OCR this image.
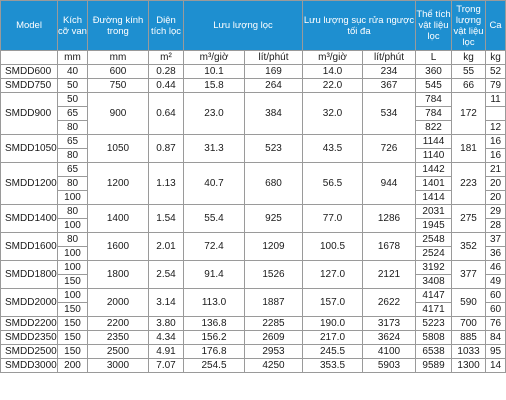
Model	Kích cỡ van	Đường kính trong	Diện tích lọc	Lưu lượng lọc		Lưu lượng sục rửa ngược tối đa		Thể tích vật liệu lọc	Trọng lượng vật liệu lọc	Ca
	mm	mm	m²	m³/giờ	lít/phút	m³/giờ	lít/phút	L	kg	kg
SMDD600	40	600	0.28	10.1	169	14.0	234	360	55	52
SMDD750	50	750	0.44	15.8	264	22.0	367	545	66	79
SMDD900	50	900	0.64	23.0	384	32.0	534	784	172	11
	65							784		
	80							822		12
SMDD1050	65	1050	0.87	31.3	523	43.5	726	1144	181	16
	80							1140		16
SMDD1200	65	1200	1.13	40.7	680	56.5	944	1442	223	21
	80							1401		20
	100							1414		20
SMDD1400	80	1400	1.54	55.4	925	77.0	1286	2031	275	29
	100							1945		28
SMDD1600	80	1600	2.01	72.4	1209	100.5	1678	2548	352	37
	100							2524		36
SMDD1800	100	1800	2.54	91.4	1526	127.0	2121	3192	377	46
	150							3408		49
SMDD2000	100	2000	3.14	113.0	1887	157.0	2622	4147	590	60
	150							4171		60
SMDD2200	150	2200	3.80	136.8	2285	190.0	3173	5223	700	76
SMDD2350	150	2350	4.34	156.2	2609	217.0	3624	5808	885	84
SMDD2500	150	2500	4.91	176.8	2953	245.5	4100	6538	1033	95
SMDD3000	200	3000	7.07	254.5	4250	353.5	5903	9589	1300	14
